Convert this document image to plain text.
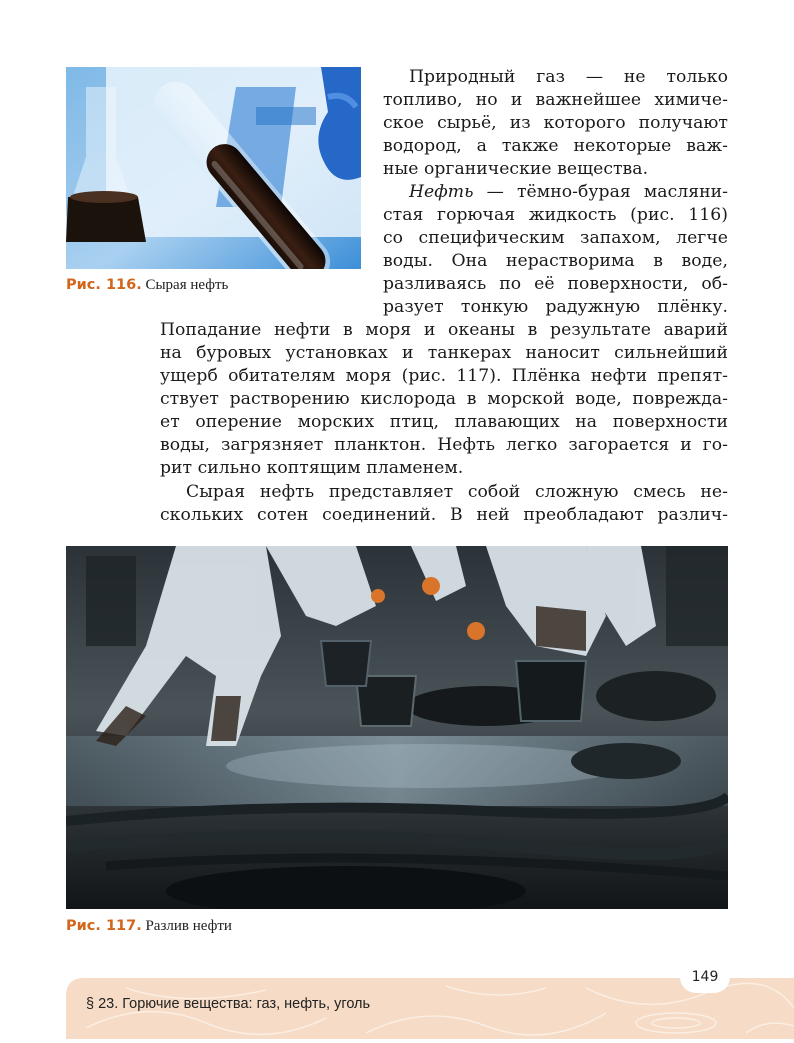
Рис. 116. Сырая нефть
Природный газ — не только
топливо, но и важнейшее химиче-
ское сырьё, из которого получают
водород, а также некоторые важ-
ные органические вещества.
Нефть — тёмно-бурая масляни-
стая горючая жидкость (рис. 116)
со специфическим запахом, легче
воды. Она нерастворима в воде,
разливаясь по её поверхности, об-
разует тонкую радужную плёнку.
Попадание нефти в моря и океаны в результате аварий
на буровых установках и танкерах наносит сильнейший
ущерб обитателям моря (рис. 117). Плёнка нефти препят-
ствует растворению кислорода в морской воде, поврежда-
ет оперение морских птиц, плавающих на поверхности
воды, загрязняет планктон. Нефть легко загорается и го-
рит сильно коптящим пламенем.
Сырая нефть представляет собой сложную смесь не-
скольких сотен соединений. В ней преобладают различ-
Рис. 117. Разлив нефти
149
§ 23. Горючие вещества: газ, нефть, уголь
